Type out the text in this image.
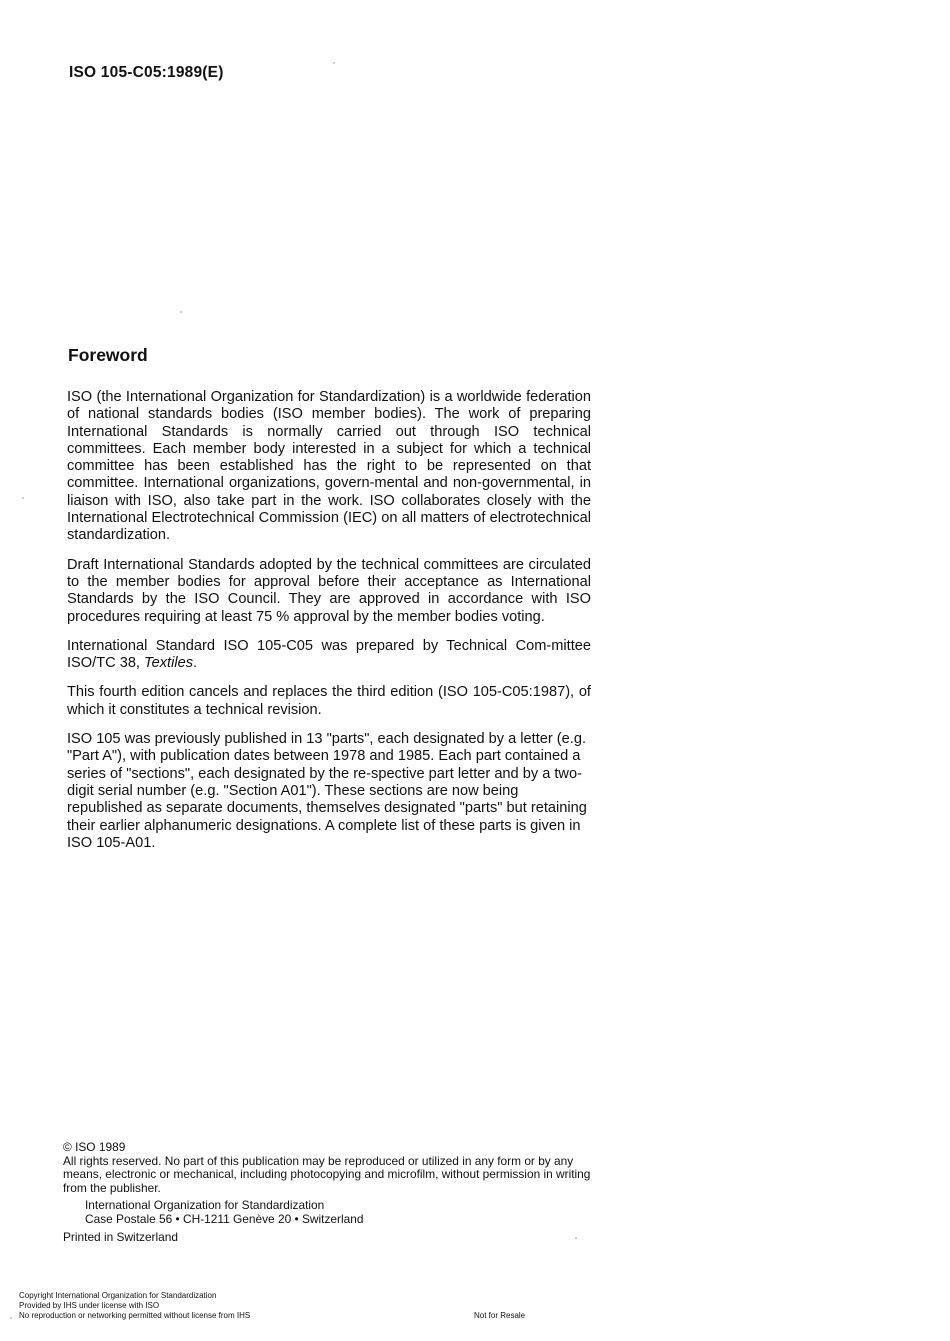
ISO 105-C05:1989(E)
Foreword

ISO (the International Organization for Standardization) is a worldwide federation of national standards bodies (ISO member bodies). The work of preparing International Standards is normally carried out through ISO technical committees. Each member body interested in a subject for which a technical committee has been established has the right to be represented on that committee. International organizations, govern-mental and non-governmental, in liaison with ISO, also take part in the work. ISO collaborates closely with the International Electrotechnical Commission (IEC) on all matters of electrotechnical standardization.

Draft International Standards adopted by the technical committees are circulated to the member bodies for approval before their acceptance as International Standards by the ISO Council. They are approved in accordance with ISO procedures requiring at least 75 % approval by the member bodies voting.

International Standard ISO 105-C05 was prepared by Technical Com-mittee ISO/TC 38, Textiles.

This fourth edition cancels and replaces the third edition (ISO 105-C05:1987), of which it constitutes a technical revision.

ISO 105 was previously published in 13 "parts", each designated by a letter (e.g. "Part A"), with publication dates between 1978 and 1985. Each part contained a series of "sections", each designated by the re-spective part letter and by a two-digit serial number (e.g. "Section A01"). These sections are now being republished as separate documents, themselves designated "parts" but retaining their earlier alphanumeric designations. A complete list of these parts is given in ISO 105-A01.

© ISO 1989
All rights reserved. No part of this publication may be reproduced or utilized in any form or by any means, electronic or mechanical, including photocopying and microfilm, without permission in writing from the publisher.
International Organization for Standardization
Case Postale 56 • CH-1211 Genève 20 • Switzerland
Printed in Switzerland
Copyright International Organization for Standardization
Provided by IHS under license with ISO
No reproduction or networking permitted without license from IHS	Not for Resale
